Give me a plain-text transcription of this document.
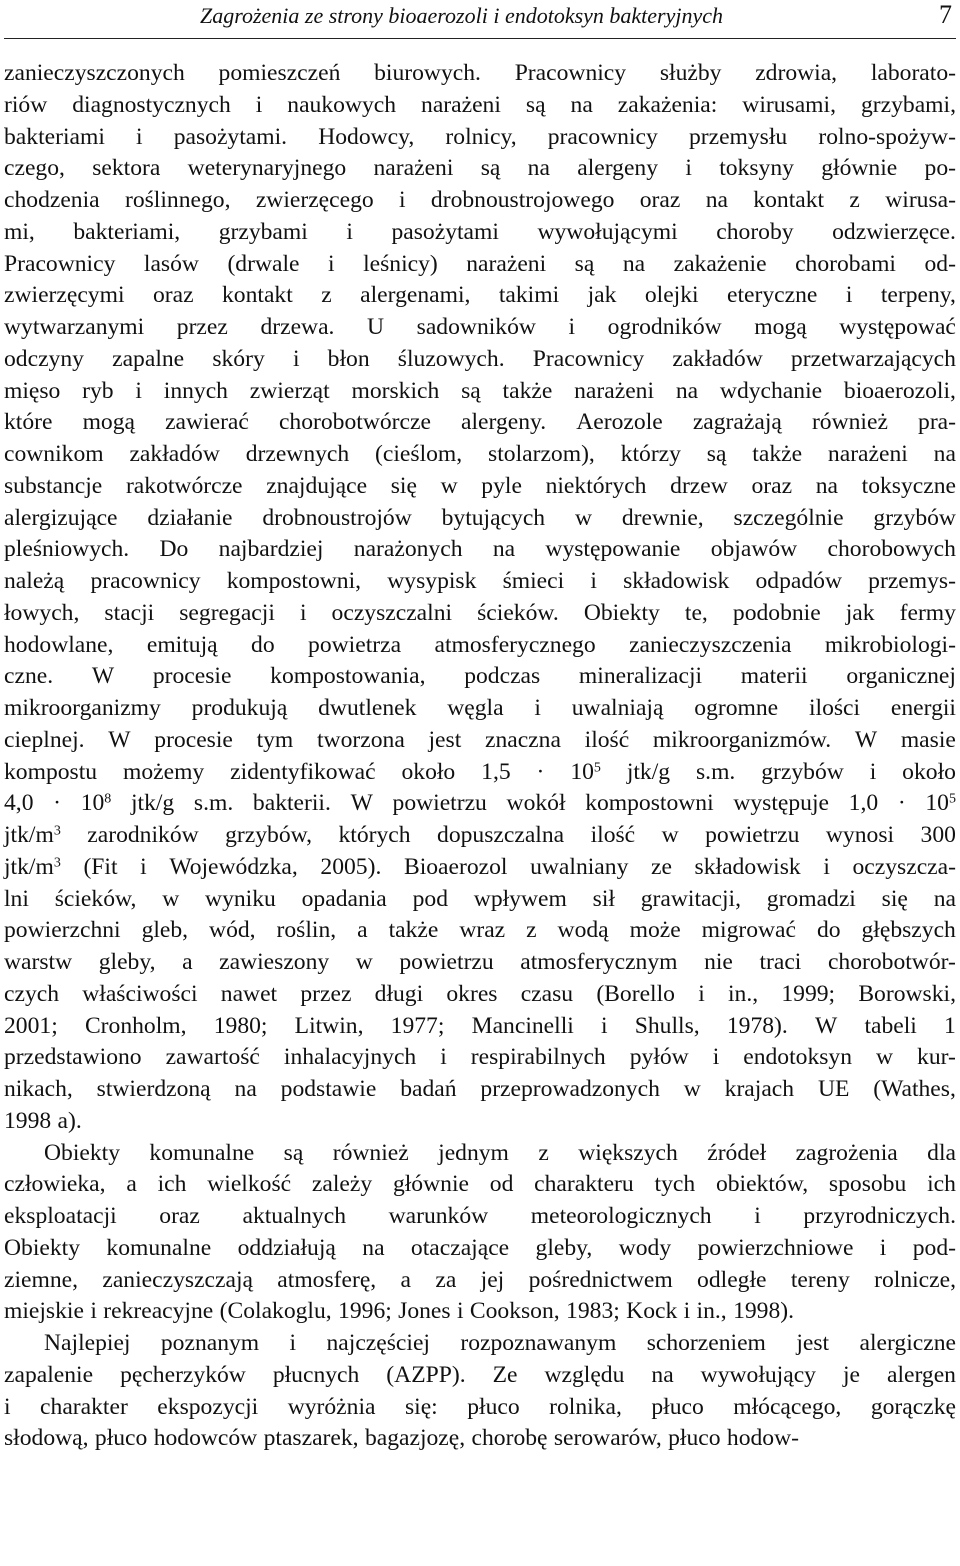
Zagrożenia ze strony bioaerozoli i endotoksyn bakteryjnych	7
zanieczyszczonych pomieszczeń biurowych. Pracownicy służby zdrowia, laborato-
riów diagnostycznych i naukowych narażeni są na zakażenia: wirusami, grzybami,
bakteriami i pasożytami. Hodowcy, rolnicy, pracownicy przemysłu rolno-spożyw-
czego, sektora weterynaryjnego narażeni są na alergeny i toksyny głównie po-
chodzenia roślinnego, zwierzęcego i drobnoustrojowego oraz na kontakt z wirusa-
mi, bakteriami, grzybami i pasożytami wywołującymi choroby odzwierzęce.
Pracownicy lasów (drwale i leśnicy) narażeni są na zakażenie chorobami od-
zwierzęcymi oraz kontakt z alergenami, takimi jak olejki eteryczne i terpeny,
wytwarzanymi przez drzewa. U sadowników i ogrodników mogą występować
odczyny zapalne skóry i błon śluzowych. Pracownicy zakładów przetwarzających
mięso ryb i innych zwierząt morskich są także narażeni na wdychanie bioaerozoli,
które mogą zawierać chorobotwórcze alergeny. Aerozole zagrażają również pra-
cownikom zakładów drzewnych (cieślom, stolarzom), którzy są także narażeni na
substancje rakotwórcze znajdujące się w pyle niektórych drzew oraz na toksyczne
alergizujące działanie drobnoustrojów bytujących w drewnie, szczególnie grzybów
pleśniowych. Do najbardziej narażonych na występowanie objawów chorobowych
należą pracownicy kompostowni, wysypisk śmieci i składowisk odpadów przemys-
łowych, stacji segregacji i oczyszczalni ścieków. Obiekty te, podobnie jak fermy
hodowlane, emitują do powietrza atmosferycznego zanieczyszczenia mikrobiologi-
czne. W procesie kompostowania, podczas mineralizacji materii organicznej
mikroorganizmy produkują dwutlenek węgla i uwalniają ogromne ilości energii
cieplnej. W procesie tym tworzona jest znaczna ilość mikroorganizmów. W masie
kompostu możemy zidentyfikować około $1,5 \cdot 10^5$ jtk/g s.m. grzybów i około
$4,0 \cdot 10^8$ jtk/g s.m. bakterii. W powietrzu wokół kompostowni występuje $1,0 \cdot 10^5$
jtk/$m^3$ zarodników grzybów, których dopuszczalna ilość w powietrzu wynosi 300
jtk/$m^3$ (Fit i Wojewódzka, 2005). Bioaerozol uwalniany ze składowisk i oczyszcza-
lni ścieków, w wyniku opadania pod wpływem sił grawitacji, gromadzi się na
powierzchni gleb, wód, roślin, a także wraz z wodą może migrować do głębszych
warstw gleby, a zawieszony w powietrzu atmosferycznym nie traci chorobotwór-
czych właściwości nawet przez długi okres czasu (Borello i in., 1999; Borowski,
2001; Cronholm, 1980; Litwin, 1977; Mancinelli i Shulls, 1978). W tabeli 1
przedstawiono zawartość inhalacyjnych i respirabilnych pyłów i endotoksyn w kur-
nikach, stwierdzoną na podstawie badań przeprowadzonych w krajach UE (Wathes,
1998 a).
Obiekty komunalne są również jednym z większych źródeł zagrożenia dla
człowieka, a ich wielkość zależy głównie od charakteru tych obiektów, sposobu ich
eksploatacji oraz aktualnych warunków meteorologicznych i przyrodniczych.
Obiekty komunalne oddziałują na otaczające gleby, wody powierzchniowe i pod-
ziemne, zanieczyszczają atmosferę, a za jej pośrednictwem odległe tereny rolnicze,
miejskie i rekreacyjne (Colakoglu, 1996; Jones i Cookson, 1983; Kock i in., 1998).
Najlepiej poznanym i najczęściej rozpoznawanym schorzeniem jest alergiczne
zapalenie pęcherzyków płucnych (AZPP). Ze względu na wywołujący je alergen
i charakter ekspozycji wyróżnia się: płuco rolnika, płuco młócącego, gorączkę
słodową, płuco hodowców ptaszarek, bagazjozę, chorobę serowarów, płuco hodow-
